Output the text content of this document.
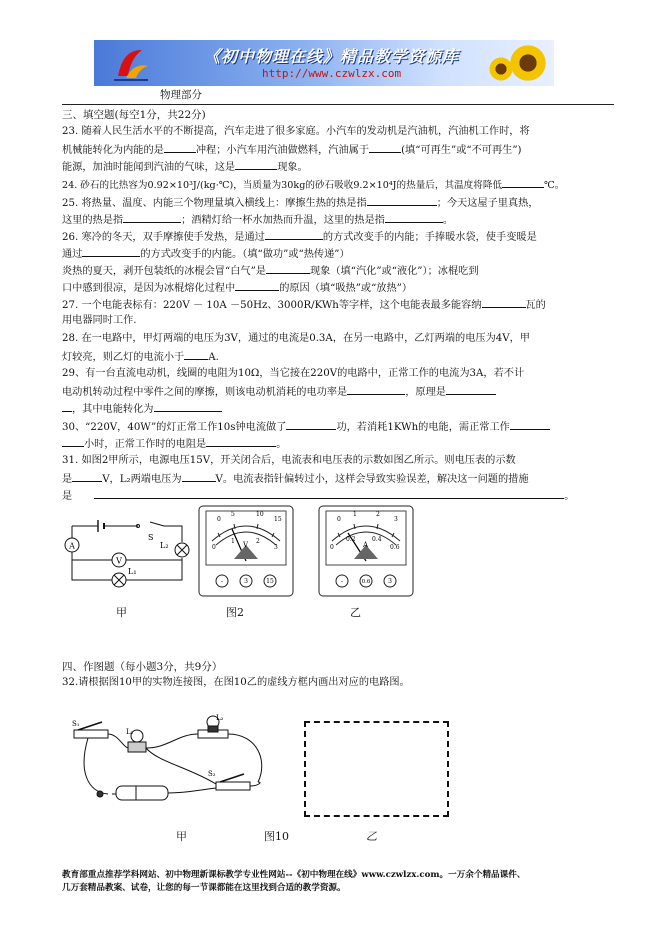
《初中物理在线》精品教学资源库
http://www.czwlzx.com
物理部分
三、填空题(每空1分，共22分)
23. 随着人民生活水平的不断提高，汽车走进了很多家庭。小汽车的发动机是汽油机，汽油机工作时，将
机械能转化为内能的是	冲程；小汽车用汽油做燃料，汽油属于	(填“可再生”或“不可再生”)
能源，加油时能闻到汽油的气味，这是	现象。
24. 砂石的比热容为0.92×10³J/(kg·℃)，当质量为30kg的砂石吸收9.2×10⁴J的热量后，其温度将降低	℃。
25. 将热量、温度、内能三个物理量填入横线上：摩擦生热的热是指	；今天这屋子里真热，
这里的热是指	；酒精灯给一杯水加热而升温，这里的热是指	。
26. 寒冷的冬天，双手摩擦使手发热，是通过	的方式改变手的内能；手捧暖水袋，使手变暖是
通过	的方式改变手的内能。（填“做功”或“热传递”）
炎热的夏天，剥开包装纸的冰棍会冒“白气”是	现象（填“汽化”或“液化”）；冰棍吃到
口中感到很凉，是因为冰棍熔化过程中	的原因（填“吸热”或“放热”）
27. 一个电能表标有：220V － 10A －50Hz、3000R/KWh等字样，这个电能表最多能容纳	瓦的
用电器同时工作.
28. 在一电路中，甲灯两端的电压为3V，通过的电流是0.3A，在另一电路中，乙灯两端的电压为4V，甲
灯较亮，则乙灯的电流小于 A.
29、有一台直流电动机，线圈的电阻为10Ω，当它接在220V的电路中，正常工作的电流为3A，若不计
电动机转动过程中零件之间的摩擦，则该电动机消耗的电功率是	，原理是
，其中电能转化为
30、“220V，40W”的灯正常工作10s钟电流做了	功，若消耗1KWh的电能，需正常工作
小时，正常工作时的电阻是	。
31. 如图2甲所示，电源电压15V，开关闭合后，电流表和电压表的示数如图乙所示。则电压表的示数
是	V，L₂两端电压为	V。电流表指针偏转过小，这样会导致实验误差，解决这一问题的措施
是	。
A
V
S
L₂
L₁
甲
0
5	10
15
0
1	2
3
V
-	3	15
图2
0
1	2
3
0
0.2	0.4
0.6
A
-	0.6	3
乙
四、作图题（每小题3分，共9分）
32.请根据图10甲的实物连接图，在图10乙的虚线方框内画出对应的电路图。
S₁
L₁
L₂
S₂
甲	图10	乙
教育部重点推荐学科网站、初中物理新课标教学专业性网站--《初中物理在线》www.czwlzx.com。一万余个精品课件、
几万套精品教案、试卷，让您的每一节课都能在这里找到合适的教学资源。
